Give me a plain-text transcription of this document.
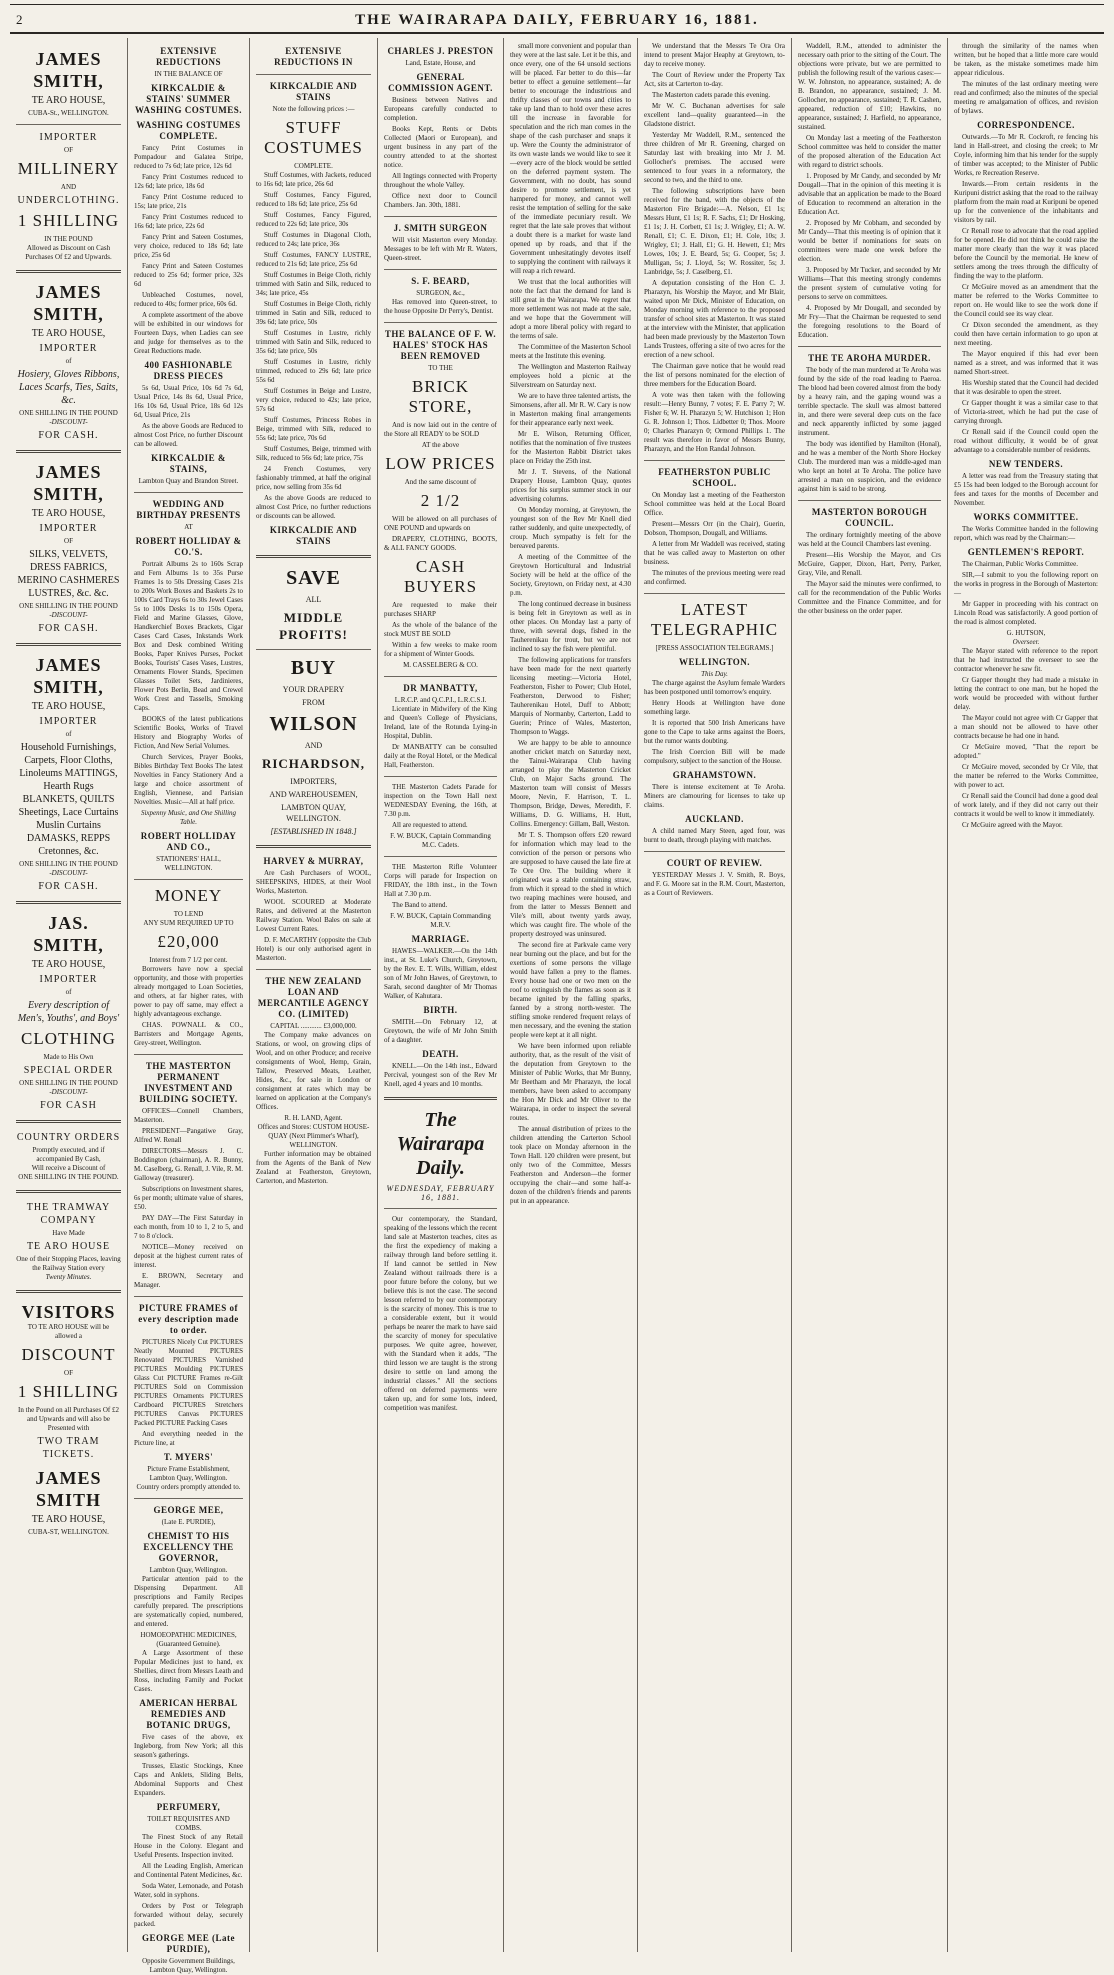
2	THE WAIRARAPA DAILY, FEBRUARY 16, 1881.
JAMES SMITH,
TE ARO HOUSE,
CUBA-St., WELLINGTON.
IMPORTER
OF
MILLINERY
AND
UNDERCLOTHING.
1 SHILLING
IN THE POUND
Allowed as Discount on Cash Purchases Of £2 and Upwards.
JAMES SMITH,
TE ARO HOUSE,
IMPORTER
of
Hosiery, Gloves Ribbons, Laces Scarfs, Ties, Saits, &c.
ONE SHILLING IN THE POUND
-DISCOUNT-
FOR CASH.
JAMES SMITH,
TE ARO HOUSE,
IMPORTER
OF
SILKS, VELVETS, DRESS FABRICS, MERINO CASHMERES LUSTRES, &c. &c.
ONE SHILLING IN THE POUND
-DISCOUNT-
FOR CASH.
JAMES SMITH,
TE ARO HOUSE,
IMPORTER
of
Household Furnishings, Carpets, Floor Cloths, Linoleums MATTINGS, Hearth Rugs BLANKETS, QUILTS Sheetings, Lace Curtains Muslin Curtains DAMASKS, REPPS Cretonnes, &c.
ONE SHILLING IN THE POUND
-DISCOUNT-
FOR CASH.
JAS. SMITH,
TE ARO HOUSE,
IMPORTER
of
Every description of Men's, Youths', and Boys'
CLOTHING
Made to His Own
SPECIAL ORDER
ONE SHILLING IN THE POUND
-DISCOUNT-
FOR CASH
COUNTRY ORDERS
Promptly executed, and if accompanied By Cash,
Will receive a Discount of
ONE SHILLING IN THE POUND.
THE TRAMWAY COMPANY
Have Made
TE ARO HOUSE
One of their Stopping Places, leaving the Railway Station every
Twenty Minutes.
VISITORS
TO TE ARO HOUSE will be allowed a
DISCOUNT
OF
1 SHILLING
In the Pound on all Purchases Of £2 and Upwards and will also be Presented with
TWO TRAM TICKETS.
JAMES SMITH
TE ARO HOUSE,
CUBA-ST, WELLINGTON.
EXTENSIVE REDUCTIONS
IN THE BALANCE OF
KIRKCALDIE & STAINS' SUMMER WASHING COSTUMES.
WASHING COSTUMES COMPLETE.
Fancy Print Costumes in Pompadour and Galatea Stripe, reduced to 7s 6d; late price, 12s 6d
Fancy Print Costumes reduced to 12s 6d; late price, 18s 6d
Fancy Print Costume reduced to 15s; late price, 21s
Fancy Print Costumes reduced to 16s 6d; late price, 22s 6d
Fancy Print and Sateen Costumes, very choice, reduced to 18s 6d; late price, 25s 6d
Fancy Print and Sateen Costumes reduced to 25s 6d; former price, 32s 6d
Unbleached Costumes, novel, reduced to 40s; former price, 60s 6d.
A complete assortment of the above will be exhibited in our windows for Fourteen Days, when Ladies can see and judge for themselves as to the Great Reductions made.
400 FASHIONABLE DRESS PIECES
5s 6d, Usual Price, 10s 6d 7s 6d, Usual Price, 14s 8s 6d, Usual Price, 16s 10s 6d, Usual Price, 18s 6d 12s 6d, Usual Price, 21s
As the above Goods are Reduced to almost Cost Price, no further Discount can be allowed.
KIRKCALDIE & STAINS,
Lambton Quay and Brandon Street.
WEDDING AND BIRTHDAY PRESENTS
AT
ROBERT HOLLIDAY & CO.'S.
Portrait Albums 2s to 160s Scrap and Fern Albums 1s to 35s Purse Frames 1s to 50s Dressing Cases 21s to 200s Work Boxes and Baskets 2s to 100s Card Trays 6s to 30s Jewel Cases 5s to 100s Desks 1s to 150s Opera, Field and Marine Glasses, Glove, Handkerchief Boxes Brackets, Cigar Cases Card Cases, Inkstands Work Box and Desk combined Writing Books, Paper Knives Purses, Pocket Books, Tourists' Cases Vases, Lustres, Ornaments Flower Stands, Specimen Glasses Toilet Sets, Jardinieres, Flower Pots Berlin, Bead and Crewel Work Crest and Tassells, Smoking Caps.
BOOKS of the latest publications Scientific Books, Works of Travel History and Biography Works of Fiction, And New Serial Volumes.
Church Services, Prayer Books, Bibles Birthday Text Books The latest Novelties in Fancy Stationery And a large and choice assortment of English, Viennese, and Parisian Novelties. Music—All at half price.
Sixpenny Music, and One Shilling Table.
ROBERT HOLLIDAY AND CO.,
STATIONERS' HALL, WELLINGTON.
MONEY
TO LEND
ANY SUM REQUIRED UP TO
£20,000
Interest from 7 1/2 per cent.
Borrowers have now a special opportunity, and those with properties already mortgaged to Loan Societies, and others, at far higher rates, with power to pay off same, may effect a highly advantageous exchange.
CHAS. POWNALL & CO., Barristers and Mortgage Agents, Grey-street, Wellington.
THE MASTERTON PERMANENT INVESTMENT AND BUILDING SOCIETY.
OFFICES—Connell Chambers, Masterton.
PRESIDENT—Pangatiwe Gray, Alfred W. Renall
DIRECTORS—Messrs J. C. Boddington (chairman), A. R. Bunny, M. Caselberg, G. Renall, J. Vile, R. M. Galloway (treasurer).
Subscriptions on Investment shares, 6s per month; ultimate value of shares, £50.
PAY DAY—The First Saturday in each month, from 10 to 1, 2 to 5, and 7 to 8 o'clock.
NOTICE—Money received on deposit at the highest current rates of interest.
E. BROWN, Secretary and Manager.
PICTURE FRAMES of every description made to order.
PICTURES Nicely Cut PICTURES Neatly Mounted PICTURES Renovated PICTURES Varnished PICTURES Moulding PICTURES Glass Cut PICTURE Frames re-Gilt PICTURES Sold on Commission PICTURES Ornaments PICTURES Cardboard PICTURES Stretchers PICTURES Canvas PICTURES Packed PICTURE Packing Cases
And everything needed in the Picture line, at
T. MYERS'
Picture Frame Establishment, Lambton Quay, Wellington.
Country orders promptly attended to.
GEORGE MEE,
(Late E. PURDIE),
CHEMIST TO HIS EXCELLENCY THE GOVERNOR,
Lambton Quay, Wellington.
Particular attention paid to the Dispensing Department. All prescriptions and Family Recipes carefully prepared. The prescriptions are systematically copied, numbered, and entered.
HOMOEOPATHIC MEDICINES, (Guaranteed Genuine).
A Large Assortment of these Popular Medicines just to hand, ex Shellies, direct from Messrs Leath and Ross, including Family and Pocket Cases.
AMERICAN HERBAL REMEDIES AND BOTANIC DRUGS,
Five cases of the above, ex Ingleborg, from New York; all this season's gatherings.
Trusses, Elastic Stockings, Knee Caps and Anklets, Sliding Belts, Abdominal Supports and Chest Expanders.
PERFUMERY,
TOILET REQUISITES AND COMBS.
The Finest Stock of any Retail House in the Colony. Elegant and Useful Presents. Inspection invited.
All the Leading English, American and Continental Patent Medicines, &c.
Soda Water, Lemonade, and Potash Water, sold in syphons.
Orders by Post or Telegraph forwarded without delay, securely packed.
GEORGE MEE (Late PURDIE),
Opposite Government Buildings, Lambton Quay, Wellington.
EXTENSIVE REDUCTIONS IN
KIRKCALDIE AND STAINS
Note the following prices :—
STUFF COSTUMES
COMPLETE.
Stuff Costumes, with Jackets, reduced to 16s 6d; late price, 26s 6d
Stuff Costumes, Fancy Figured, reduced to 18s 6d; late price, 25s 6d
Stuff Costumes, Fancy Figured, reduced to 22s 6d; late price, 30s
Stuff Costumes in Diagonal Cloth, reduced to 24s; late price, 36s
Stuff Costumes, FANCY LUSTRE, reduced to 21s 6d; late price, 25s 6d
Stuff Costumes in Beige Cloth, richly trimmed with Satin and Silk, reduced to 34s; late price, 45s
Stuff Costumes in Beige Cloth, richly trimmed in Satin and Silk, reduced to 39s 6d; late price, 50s
Stuff Costumes in Lustre, richly trimmed with Satin and Silk, reduced to 35s 6d; late price, 50s
Stuff Costumes in Lustre, richly trimmed, reduced to 29s 6d; late price 55s 6d
Stuff Costumes in Beige and Lustre, very choice, reduced to 42s; late price, 57s 6d
Stuff Costumes, Princess Robes in Beige, trimmed with Silk, reduced to 55s 6d; late price, 70s 6d
Stuff Costumes, Beige, trimmed with Silk, reduced to 56s 6d; late price, 75s
24 French Costumes, very fashionably trimmed, at half the original price, now selling from 35s 6d
As the above Goods are reduced to almost Cost Price, no further reductions or discounts can be allowed.
KIRKCALDIE AND STAINS
SAVE
ALL
MIDDLE PROFITS!
BUY
YOUR DRAPERY
FROM
WILSON
AND
RICHARDSON,
IMPORTERS,
AND WAREHOUSEMEN,
LAMBTON QUAY, WELLINGTON.
[ESTABLISHED IN 1848.]
HARVEY & MURRAY,
Are Cash Purchasers of WOOL, SHEEPSKINS, HIDES, at their Wool Works, Masterton.
WOOL SCOURED at Moderate Rates, and delivered at the Masterton Railway Station. Wool Bales on sale at Lowest Current Rates.
D. F. McCARTHY (opposite the Club Hotel) is our only authorised agent in Masterton.
THE NEW ZEALAND LOAN AND MERCANTILE AGENCY CO. (LIMITED)
CAPITAL ............ £3,000,000.
The Company make advances on Stations, or wool, on growing clips of Wool, and on other Produce; and receive consignments of Wool, Hemp, Grain, Tallow, Preserved Meats, Leather, Hides, &c., for sale in London or consignment at rates which may be learned on application at the Company's Offices.
R. H. LAND, Agent.
Offices and Stores: CUSTOM HOUSE-QUAY (Next Plimmer's Wharf), WELLINGTON.
Further information may be obtained from the Agents of the Bank of New Zealand at Featherston, Greytown, Carterton, and Masterton.
CHARLES J. PRESTON
Land, Estate, House, and
GENERAL COMMISSION AGENT.
Business between Natives and Europeans carefully conducted to completion.
Books Kept, Rents or Debts Collected (Maori or European), and urgent business in any part of the country attended to at the shortest notice.
All Ingtings connected with Property throughout the whole Valley.
Office next door to Council Chambers. Jan. 30th, 1881.
J. SMITH SURGEON
Will visit Masterton every Monday. Messages to be left with Mr R. Waters, Queen-street.
S. F. BEARD,
SURGEON, &c.,
Has removed into Queen-street, to the house Opposite Dr Perry's, Dentist.
THE BALANCE OF F. W. HALES' STOCK HAS BEEN REMOVED
TO THE
BRICK STORE,
And is now laid out in the centre of the Store all READY to be SOLD
AT the above
LOW PRICES
And the same discount of
2 1/2
Will be allowed on all purchases of ONE POUND and upwards on
DRAPERY, CLOTHING, BOOTS, & ALL FANCY GOODS.
CASH BUYERS
Are requested to make their purchases SHARP
As the whole of the balance of the stock MUST BE SOLD
Within a few weeks to make room for a shipment of Winter Goods.
M. CASSELBERG & CO.
DR MANBATTY,
L.R.C.P. and Q.C.P.I., L.R.C.S.I.
Licentiate in Midwifery of the King and Queen's College of Physicians, Ireland, late of the Rotunda Lying-in Hospital, Dublin.
Dr MANBATTY can be consulted daily at the Royal Hotel, or the Medical Hall, Featherston.
THE Masterton Cadets Parade for inspection on the Town Hall next WEDNESDAY Evening, the 16th, at 7.30 p.m.
All are requested to attend.
F. W. BUCK, Captain Commanding M.C. Cadets.
THE Masterton Rifle Volunteer Corps will parade for Inspection on FRIDAY, the 18th inst., in the Town Hall at 7.30 p.m.
The Band to attend.
F. W. BUCK, Captain Commanding M.R.V.
MARRIAGE.
HAWES—WALKER.—On the 14th inst., at St. Luke's Church, Greytown, by the Rev. E. T. Wills, William, eldest son of Mr John Hawes, of Greytown, to Sarah, second daughter of Mr Thomas Walker, of Kahutara.
BIRTH.
SMITH.—On February 12, at Greytown, the wife of Mr John Smith of a daughter.
DEATH.
KNELL.—On the 14th inst., Edward Percival, youngest son of the Rev Mr Knell, aged 4 years and 10 months.
The Wairarapa Daily.
WEDNESDAY, FEBRUARY 16, 1881.
Our contemporary, the Standard, speaking of the lessons which the recent land sale at Masterton teaches, cites as the first the expediency of making a railway through land before settling it. If land cannot be settled in New Zealand without railroads there is a poor future before the colony, but we believe this is not the case. The second lesson referred to by our contemporary is the scarcity of money. This is true to a considerable extent, but it would perhaps be nearer the mark to have said the scarcity of money for speculative purposes. We quite agree, however, with the Standard when it adds, "The third lesson we are taught is the strong desire to settle on land among the industrial classes." All the sections offered on deferred payments were taken up, and for some lots, indeed, competition was manifest.
small more convenient and popular than they were at the last sale. Let it be this, and once every, one of the 64 unsold sections will be placed. Far better to do this—far better to effect a genuine settlement—far better to encourage the industrious and thrifty classes of our towns and cities to take up land than to hold over these acres till the increase in favorable for speculation and the rich man comes in the shape of the cash purchaser and snaps it up. Were the County the administrator of its own waste lands we would like to see it—every acre of the block would be settled on the deferred payment system. The Government, with no doubt, has sound desire to promote settlement, is yet hampered for money, and cannot well resist the temptation of selling for the sake of the immediate pecuniary result. We regret that the late sale proves that without a doubt there is a market for waste land opened up by roads, and that if the Government unhesitatingly devotes itself to supplying the continent with railways it will reap a rich reward.
We trust that the local authorities will note the fact that the demand for land is still great in the Wairarapa. We regret that more settlement was not made at the sale, and we hope that the Government will adopt a more liberal policy with regard to the terms of sale.
The Committee of the Masterton School meets at the Institute this evening.
The Wellington and Masterton Railway employees hold a picnic at the Silverstream on Saturday next.
We are to have three talented artists, the Simonsens, after all. Mr R. W. Cary is now in Masterton making final arrangements for their appearance early next week.
Mr E. Wilson, Returning Officer, notifies that the nomination of five trustees for the Masterton Rabbit District takes place on Friday the 25th inst.
Mr J. T. Stevens, of the National Drapery House, Lambton Quay, quotes prices for his surplus summer stock in our advertising columns.
On Monday morning, at Greytown, the youngest son of the Rev Mr Knell died rather suddenly, and quite unexpectedly, of croup. Much sympathy is felt for the bereaved parents.
A meeting of the Committee of the Greytown Horticultural and Industrial Society will be held at the office of the Society, Greytown, on Friday next, at 4.30 p.m.
The long continued decrease in business is being felt in Greytown as well as in other places. On Monday last a party of three, with several dogs, fished in the Tauherenikau for trout, but we are not inclined to say the fish were plentiful.
The following applications for transfers have been made for the next quarterly licensing meeting:—Victoria Hotel, Featherston, Fisher to Power; Club Hotel, Featherston, Derwood to Fisher; Tauherenikau Hotel, Duff to Abbott; Marquis of Normanby, Carterton, Ladd to Guerin; Prince of Wales, Masterton, Thompson to Waggs.
We are happy to be able to announce another cricket match on Saturday next, the Tainui-Wairarapa Club having arranged to play the Masterton Cricket Club, on Major Sachs ground. The Masterton team will consist of Messrs Moore, Nevin, F. Harrison, T. L. Thompson, Bridge, Dewes, Meredith, F. Williams, D. G. Williams, H. Hutt, Collins. Emergency: Gillam, Ball, Weston.
Mr T. S. Thompson offers £20 reward for information which may lead to the conviction of the person or persons who are supposed to have caused the late fire at Te Ore Ore. The building where it originated was a stable containing straw, from which it spread to the shed in which two reaping machines were housed, and from the latter to Messrs Bennett and Vile's mill, about twenty yards away, which was caught fire. The whole of the property destroyed was uninsured.
The second fire at Parkvale came very near burning out the place, and but for the exertions of some persons the village would have fallen a prey to the flames. Every house had one or two men on the roof to extinguish the flames as soon as it became ignited by the falling sparks, fanned by a strong north-wester. The stifling smoke rendered frequent relays of men necessary, and the evening the station people were kept at it all night.
We have been informed upon reliable authority, that, as the result of the visit of the deputation from Greytown to the Minister of Public Works, that Mr Bunny, Mr Beetham and Mr Pharazyn, the local members, have been asked to accompany the Hon Mr Dick and Mr Oliver to the Wairarapa, in order to inspect the several routes.
The annual distribution of prizes to the children attending the Carterton School took place on Monday afternoon in the Town Hall. 120 children were present, but only two of the Committee, Messrs Featherston and Anderson—the former occupying the chair—and some half-a-dozen of the children's friends and parents put in an appearance.
We understand that the Messrs Te Ora Ora intend to present Major Heaphy at Greytown, to-day to receive money.
The Court of Review under the Property Tax Act, sits at Carterton to-day.
The Masterton cadets parade this evening.
Mr W. C. Buchanan advertises for sale excellent land—quality guaranteed—in the Gladstone district.
Yesterday Mr Waddell, R.M., sentenced the three children of Mr R. Greening, charged on Saturday last with breaking into Mr J. M. Gollocher's premises. The accused were sentenced to four years in a reformatory, the second to two, and the third to one.
The following subscriptions have been received for the band, with the objects of the Masterton Fire Brigade:—A. Nelson, £1 1s; Messrs Hunt, £1 1s; R. F. Sachs, £1; Dr Hosking, £1 1s; J. H. Corbett, £1 1s; J. Wrigley, £1; A. W. Renall, £1; C. E. Dixon, £1; H. Cole, 10s; J. Wrigley, £1; J. Hall, £1; G. H. Hewett, £1; Mrs Lowes, 10s; J. E. Beard, 5s; G. Cooper, 5s; J. Mulligan, 5s; J. Lloyd, 5s; W. Rossiter, 5s; J. Lanbridge, 5s; J. Caselberg, £1.
A deputation consisting of the Hon C. J. Pharazyn, his Worship the Mayor, and Mr Blair, waited upon Mr Dick, Minister of Education, on Monday morning with reference to the proposed transfer of school sites at Masterton. It was stated at the interview with the Minister, that application had been made previously by the Masterton Town Lands Trustees, offering a site of two acres for the erection of a new school.
The Chairman gave notice that he would read the list of persons nominated for the election of three members for the Education Board.
A vote was then taken with the following result:—Henry Bunny, 7 votes; F. E. Parry 7; W. Fisher 6; W. H. Pharazyn 5; W. Hutchison 1; Hon G. R. Johnson 1; Thos. Lidbetter 0; Thos. Moore 0; Charles Pharazyn 0; Ormond Phillips 1. The result was therefore in favor of Messrs Bunny, Pharazyn, and the Hon Randal Johnson.
FEATHERSTON PUBLIC SCHOOL.
On Monday last a meeting of the Featherston School committee was held at the Local Board Office.
Present—Messrs Orr (in the Chair), Guerin, Dobson, Thompson, Dougall, and Williams.
A letter from Mr Waddell was received, stating that he was called away to Masterton on other business.
The minutes of the previous meeting were read and confirmed.
LATEST TELEGRAPHIC
[PRESS ASSOCIATION TELEGRAMS.]
WELLINGTON.
This Day.
The charge against the Asylum female Warders has been postponed until tomorrow's enquiry.
Henry Hoods at Wellington have done something large.
It is reported that 500 Irish Americans have gone to the Cape to take arms against the Boers, but the rumor wants doubting.
The Irish Coercion Bill will be made compulsory, subject to the sanction of the House.
GRAHAMSTOWN.
There is intense excitement at Te Aroha. Miners are clamouring for licenses to take up claims.
AUCKLAND.
A child named Mary Steen, aged four, was burnt to death, through playing with matches.
COURT OF REVIEW.
YESTERDAY Messrs J. V. Smith, R. Boys, and F. G. Moore sat in the R.M. Court, Masterton, as a Court of Reviewers.
Waddell, R.M., attended to administer the necessary oath prior to the sitting of the Court. The objections were private, but we are permitted to publish the following result of the various cases:—W. W. Johnston, no appearance, sustained; A. de B. Brandon, no appearance, sustained; J. M. Gollocher, no appearance, sustained; T. R. Cashen, appeared, reduction of £10; Hawkins, no appearance, sustained; J. Harfield, no appearance, sustained.
On Monday last a meeting of the Featherston School committee was held to consider the matter of the proposed alteration of the Education Act with regard to district schools.
1. Proposed by Mr Candy, and seconded by Mr Dougall—That in the opinion of this meeting it is advisable that an application be made to the Board of Education to recommend an alteration in the Education Act.
2. Proposed by Mr Cobham, and seconded by Mr Candy—That this meeting is of opinion that it would be better if nominations for seats on committees were made one week before the election.
3. Proposed by Mr Tucker, and seconded by Mr Williams—That this meeting strongly condemns the present system of cumulative voting for persons to serve on committees.
4. Proposed by Mr Dougall, and seconded by Mr Fry—That the Chairman be requested to send the foregoing resolutions to the Board of Education.
THE TE AROHA MURDER.
The body of the man murdered at Te Aroha was found by the side of the road leading to Paeroa. The blood had been covered almost from the body by a heavy rain, and the gaping wound was a terrible spectacle. The skull was almost battered in, and there were several deep cuts on the face and neck apparently inflicted by some jagged instrument.
The body was identified by Hamilton (Honal), and he was a member of the North Shore Hockey Club. The murdered man was a middle-aged man who kept an hotel at Te Aroha. The police have arrested a man on suspicion, and the evidence against him is said to be strong.
MASTERTON BOROUGH COUNCIL.
The ordinary fortnightly meeting of the above was held at the Council Chambers last evening.
Present—His Worship the Mayor, and Crs McGuire, Gapper, Dixon, Hart, Perry, Parker, Gray, Vile, and Renall.
The Mayor said the minutes were confirmed, to call for the recommendation of the Public Works Committee and the Finance Committee, and for the other business on the order paper.
through the similarity of the names when written, but he hoped that a little more care would be taken, as the mistake sometimes made him appear ridiculous.
The minutes of the last ordinary meeting were read and confirmed; also the minutes of the special meeting re amalgamation of offices, and revision of bylaws.
CORRESPONDENCE.
Outwards.—To Mr R. Cockroft, re fencing his land in Hall-street, and closing the creek; to Mr Coyle, informing him that his tender for the supply of timber was accepted; to the Minister of Public Works, re Recreation Reserve.
Inwards.—From certain residents in the Kuripuni district asking that the road to the railway platform from the main road at Kuripuni be opened up for the convenience of the inhabitants and visitors by rail.
Cr Renall rose to advocate that the road applied for be opened. He did not think he could raise the matter more clearly than the way it was placed before the Council by the memorial. He knew of settlers among the trees through the difficulty of finding the way to the platform.
Cr McGuire moved as an amendment that the matter be referred to the Works Committee to report on. He would like to see the work done if the Council could see its way clear.
Cr Dixon seconded the amendment, as they could then have certain information to go upon at next meeting.
The Mayor enquired if this had ever been named as a street, and was informed that it was named Short-street.
His Worship stated that the Council had decided that it was desirable to open the street.
Cr Gapper thought it was a similar case to that of Victoria-street, which he had put the case of carrying through.
Cr Renall said if the Council could open the road without difficulty, it would be of great advantage to a considerable number of residents.
NEW TENDERS.
A letter was read from the Treasury stating that £5 15s had been lodged to the Borough account for fees and taxes for the months of December and November.
WORKS COMMITTEE.
The Works Committee handed in the following report, which was read by the Chairman:—
GENTLEMEN'S REPORT.
The Chairman, Public Works Committee.
SIR,—I submit to you the following report on the works in progress in the Borough of Masterton:—
Mr Gapper in proceeding with his contract on Lincoln Road was satisfactorily. A good portion of the road is almost completed.
G. HUTSON,
Overseer.
The Mayor stated with reference to the report that he had instructed the overseer to see the contractor whenever he saw fit.
Cr Gapper thought they had made a mistake in letting the contract to one man, but he hoped the work would be proceeded with without further delay.
The Mayor could not agree with Cr Gapper that a man should not be allowed to have other contracts because he had one in hand.
Cr McGuire moved, "That the report be adopted."
Cr McGuire moved, seconded by Cr Vile, that the matter be referred to the Works Committee, with power to act.
Cr Renall said the Council had done a good deal of work lately, and if they did not carry out their contracts it would be well to know it immediately.
Cr McGuire agreed with the Mayor.
